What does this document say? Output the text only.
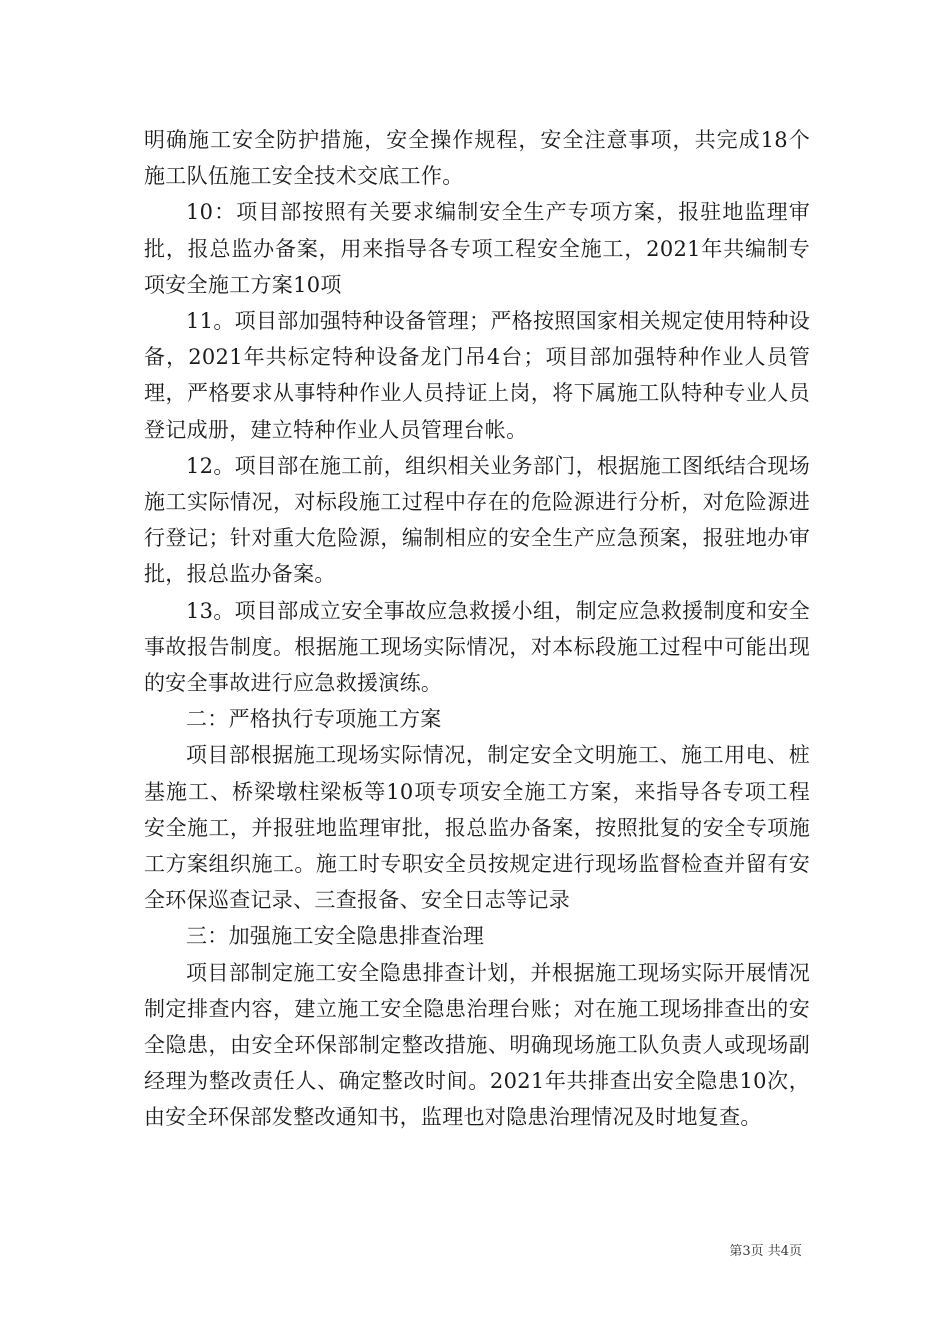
明确施工安全防护措施，安全操作规程，安全注意事项，共完成18个施工队伍施工安全技术交底工作。

10：项目部按照有关要求编制安全生产专项方案，报驻地监理审批，报总监办备案，用来指导各专项工程安全施工，2021年共编制专项安全施工方案10项

11。项目部加强特种设备管理；严格按照国家相关规定使用特种设备，2021年共标定特种设备龙门吊4台；项目部加强特种作业人员管理，严格要求从事特种作业人员持证上岗，将下属施工队特种专业人员登记成册，建立特种作业人员管理台帐。

12。项目部在施工前，组织相关业务部门，根据施工图纸结合现场施工实际情况，对标段施工过程中存在的危险源进行分析，对危险源进行登记；针对重大危险源，编制相应的安全生产应急预案，报驻地办审批，报总监办备案。

13。项目部成立安全事故应急救援小组，制定应急救援制度和安全事故报告制度。根据施工现场实际情况，对本标段施工过程中可能出现的安全事故进行应急救援演练。

二：严格执行专项施工方案

项目部根据施工现场实际情况，制定安全文明施工、施工用电、桩基施工、桥梁墩柱梁板等10项专项安全施工方案，来指导各专项工程安全施工，并报驻地监理审批，报总监办备案，按照批复的安全专项施工方案组织施工。施工时专职安全员按规定进行现场监督检查并留有安全环保巡查记录、三查报备、安全日志等记录

三：加强施工安全隐患排查治理

项目部制定施工安全隐患排查计划，并根据施工现场实际开展情况制定排查内容，建立施工安全隐患治理台账；对在施工现场排查出的安全隐患，由安全环保部制定整改措施、明确现场施工队负责人或现场副经理为整改责任人、确定整改时间。2021年共排查出安全隐患10次，由安全环保部发整改通知书，监理也对隐患治理情况及时地复查。

第3页 共4页
